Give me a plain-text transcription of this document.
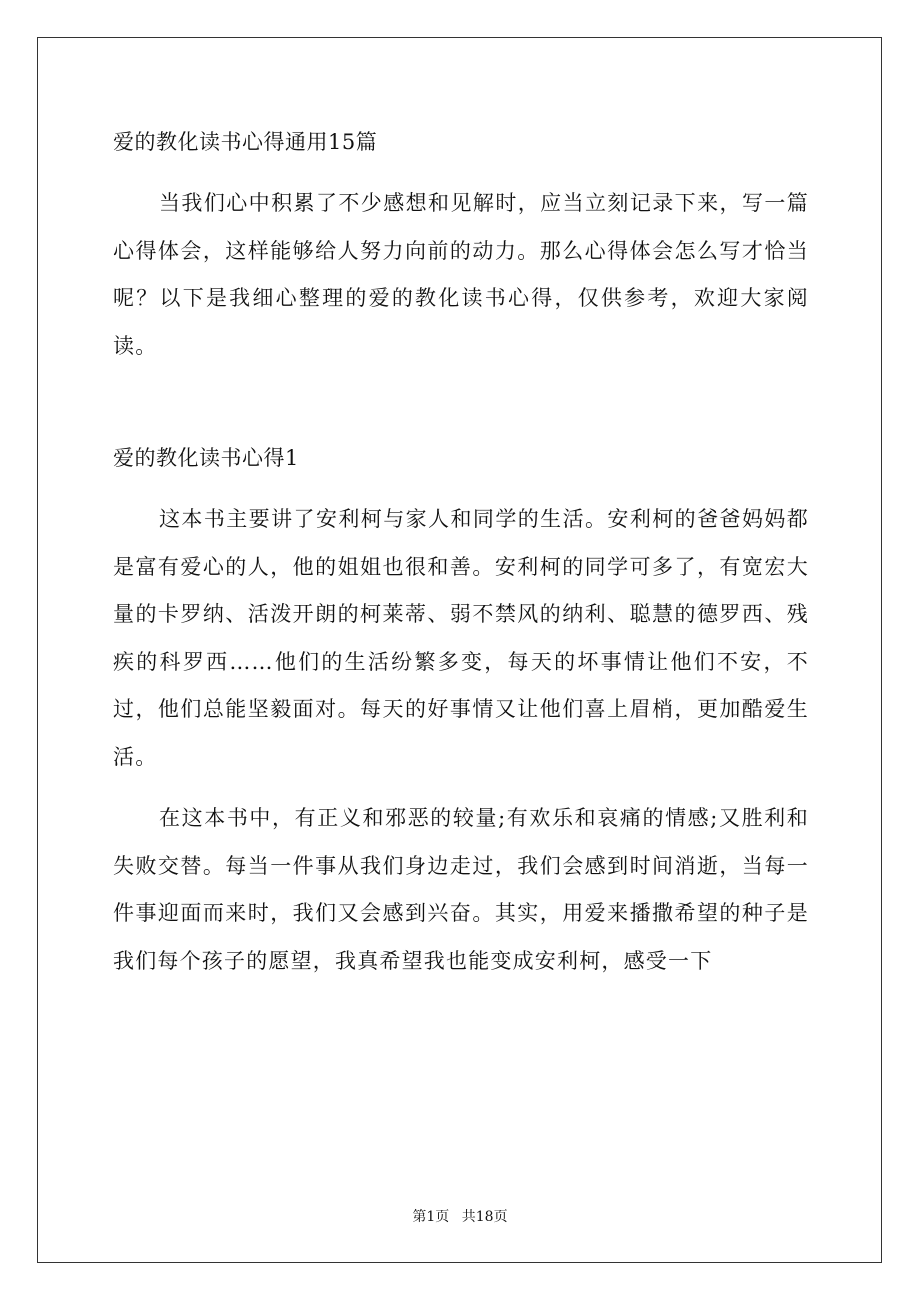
爱的教化读书心得通用15篇

当我们心中积累了不少感想和见解时，应当立刻记录下来，写一篇心得体会，这样能够给人努力向前的动力。那么心得体会怎么写才恰当呢？以下是我细心整理的爱的教化读书心得，仅供参考，欢迎大家阅读。

爱的教化读书心得1

这本书主要讲了安利柯与家人和同学的生活。安利柯的爸爸妈妈都是富有爱心的人，他的姐姐也很和善。安利柯的同学可多了，有宽宏大量的卡罗纳、活泼开朗的柯莱蒂、弱不禁风的纳利、聪慧的德罗西、残疾的科罗西……他们的生活纷繁多变，每天的坏事情让他们不安，不过，他们总能坚毅面对。每天的好事情又让他们喜上眉梢，更加酷爱生活。

在这本书中，有正义和邪恶的较量;有欢乐和哀痛的情感;又胜利和失败交替。每当一件事从我们身边走过，我们会感到时间消逝，当每一件事迎面而来时，我们又会感到兴奋。其实，用爱来播撒希望的种子是我们每个孩子的愿望，我真希望我也能变成安利柯，感受一下

第1页 共18页
